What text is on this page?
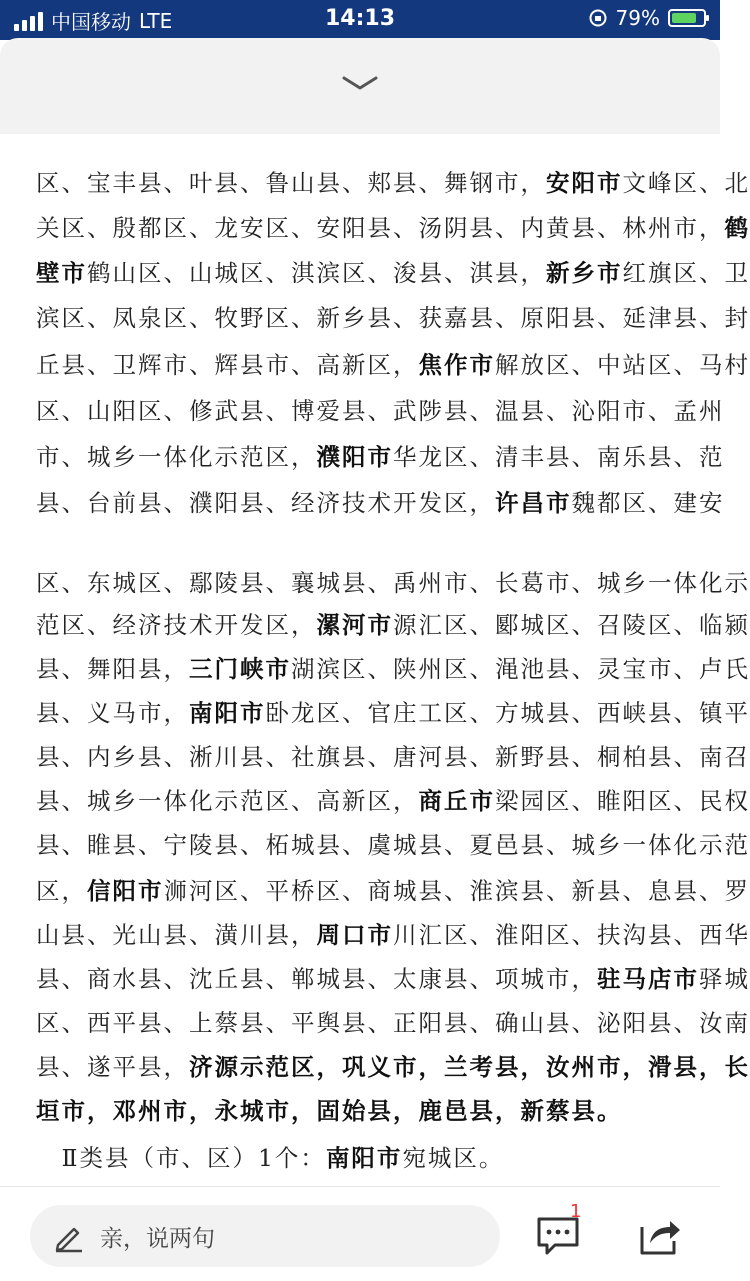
中国移动 LTE	14:13	79%
区、宝丰县、叶县、鲁山县、郏县、舞钢市，安阳市文峰区、北
关区、殷都区、龙安区、安阳县、汤阴县、内黄县、林州市，鹤
壁市鹤山区、山城区、淇滨区、浚县、淇县，新乡市红旗区、卫
滨区、凤泉区、牧野区、新乡县、获嘉县、原阳县、延津县、封
丘县、卫辉市、辉县市、高新区，焦作市解放区、中站区、马村
区、山阳区、修武县、博爱县、武陟县、温县、沁阳市、孟州
市、城乡一体化示范区，濮阳市华龙区、清丰县、南乐县、范
县、台前县、濮阳县、经济技术开发区，许昌市魏都区、建安
区、东城区、鄢陵县、襄城县、禹州市、长葛市、城乡一体化示
范区、经济技术开发区，漯河市源汇区、郾城区、召陵区、临颍
县、舞阳县，三门峡市湖滨区、陕州区、渑池县、灵宝市、卢氏
县、义马市，南阳市卧龙区、官庄工区、方城县、西峡县、镇平
县、内乡县、淅川县、社旗县、唐河县、新野县、桐柏县、南召
县、城乡一体化示范区、高新区，商丘市梁园区、睢阳区、民权
县、睢县、宁陵县、柘城县、虞城县、夏邑县、城乡一体化示范
区，信阳市浉河区、平桥区、商城县、淮滨县、新县、息县、罗
山县、光山县、潢川县，周口市川汇区、淮阳区、扶沟县、西华
县、商水县、沈丘县、郸城县、太康县、项城市，驻马店市驿城
区、西平县、上蔡县、平舆县、正阳县、确山县、泌阳县、汝南
县、遂平县，济源示范区，巩义市，兰考县，汝州市，滑县，长
垣市，邓州市，永城市，固始县，鹿邑县，新蔡县。
　Ⅱ类县（市、区）1个：南阳市宛城区。
亲，说两句
1
